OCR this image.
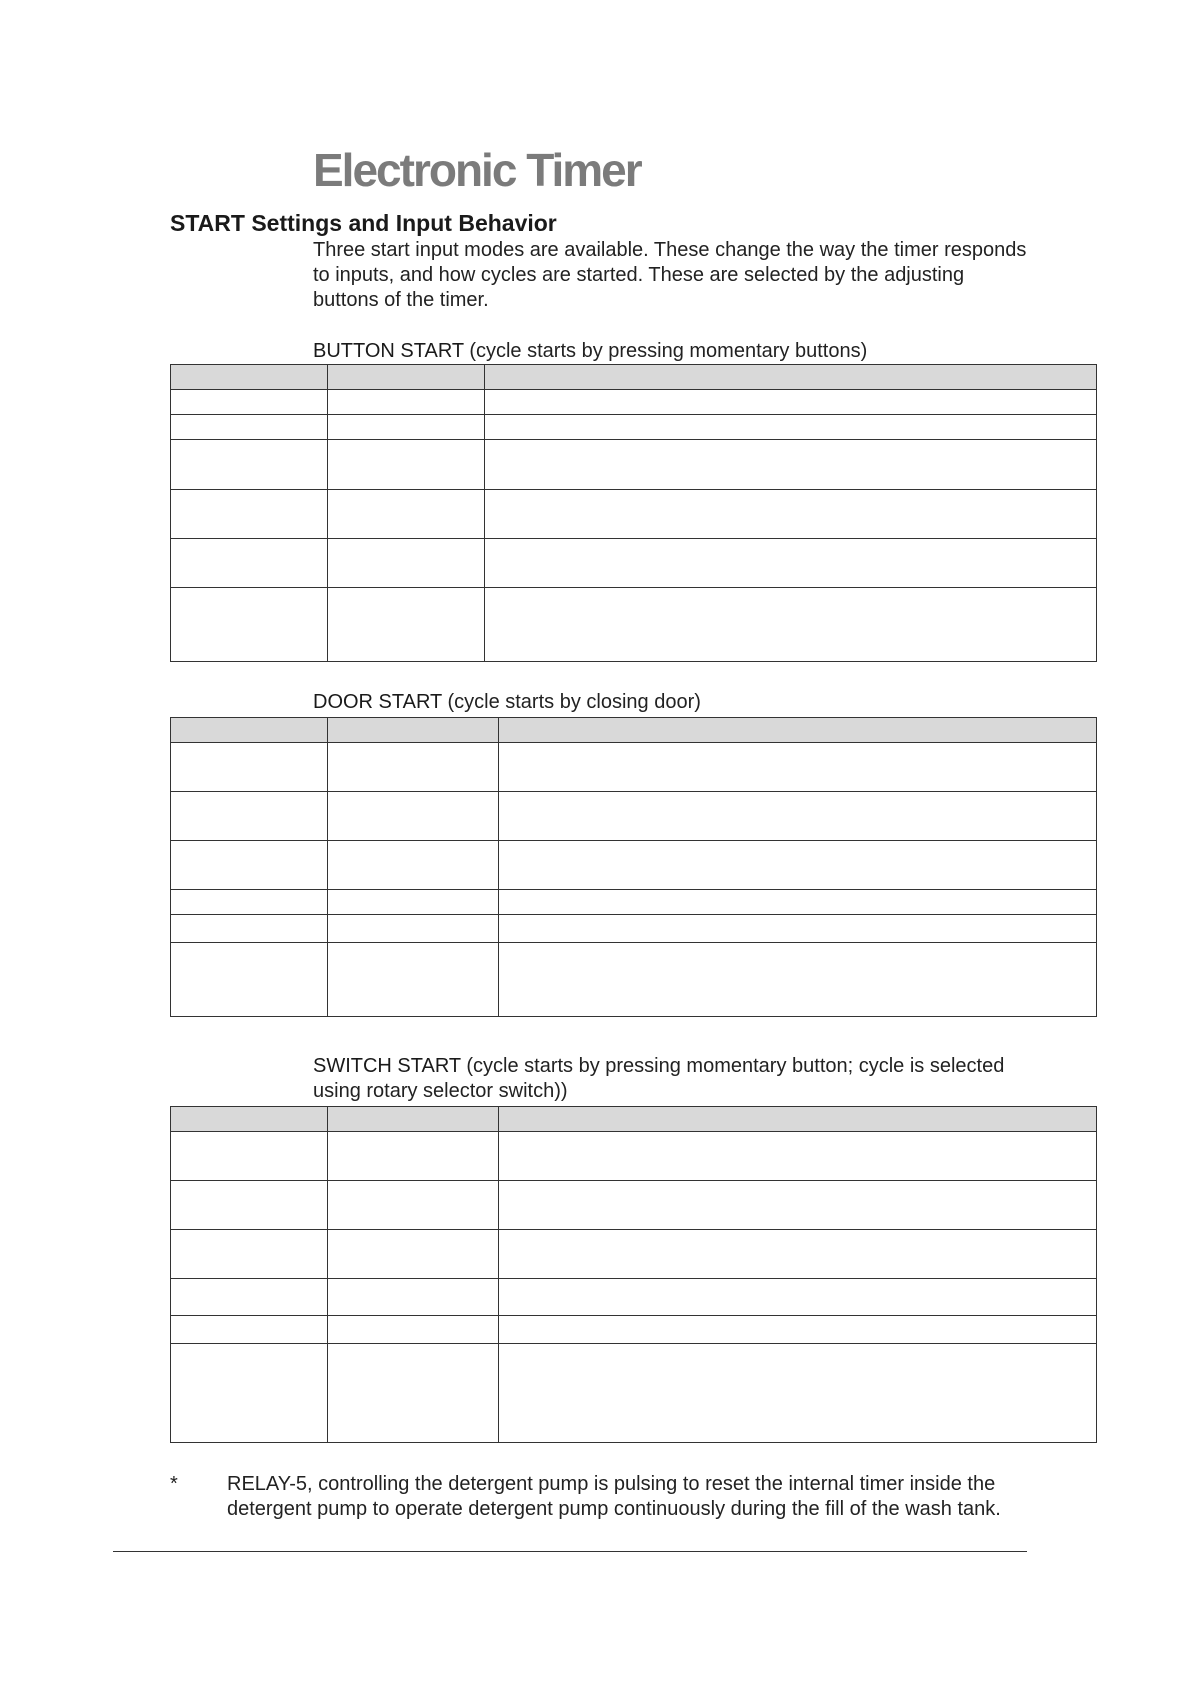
Electronic Timer
START Settings and Input Behavior

Three start input modes are available. These change the way the timer responds to inputs, and how cycles are started. These are selected by the adjusting buttons of the timer.

BUTTON START (cycle starts by pressing momentary buttons)

DOOR START (cycle starts by closing door)

SWITCH START (cycle starts by pressing momentary button; cycle is selected using rotary selector switch))

* RELAY-5, controlling the detergent pump is pulsing to reset the internal timer inside the detergent pump to operate detergent pump continuously during the fill of the wash tank.
